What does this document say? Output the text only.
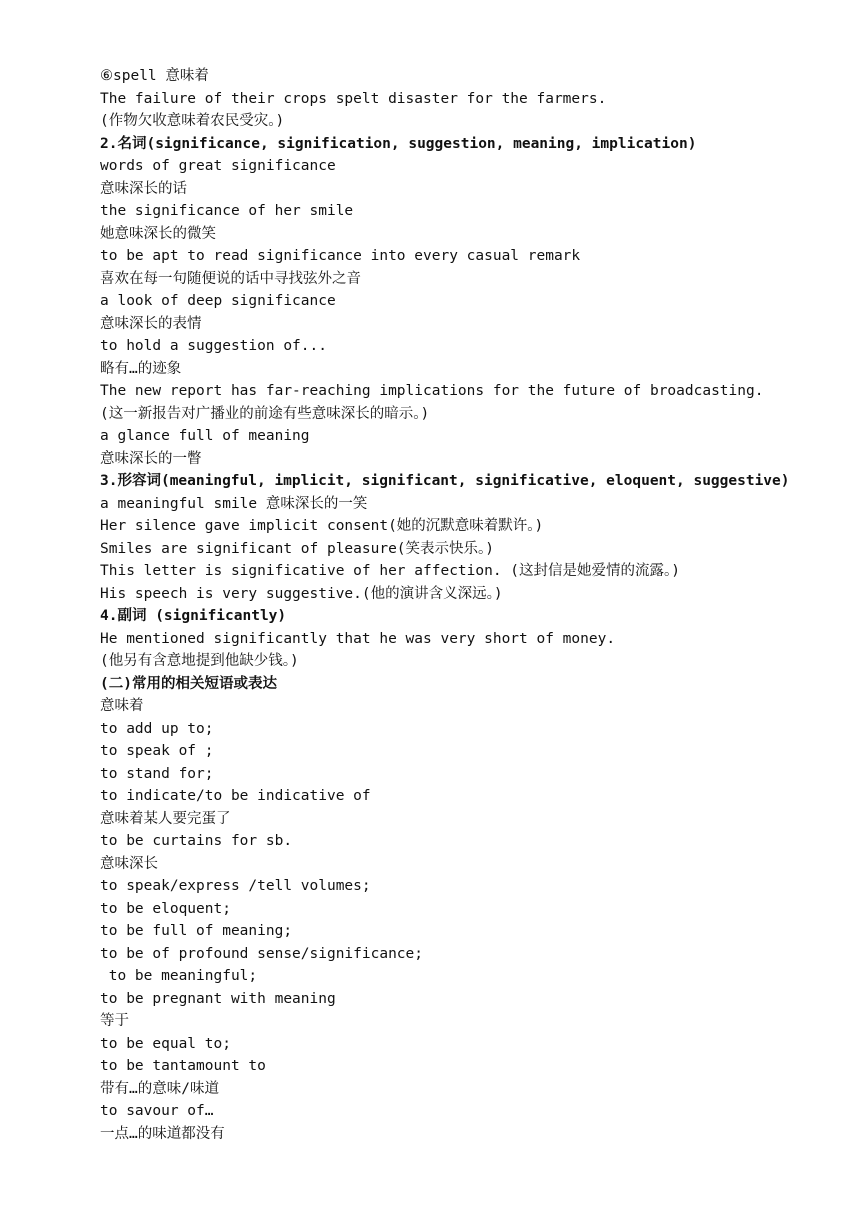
⑥spell 意味着
The failure of their crops spelt disaster for the farmers.
(作物欠收意味着农民受灾。)
2.名词(significance, signification, suggestion, meaning, implication)
words of great significance
意味深长的话
the significance of her smile
她意味深长的微笑
to be apt to read significance into every casual remark
喜欢在每一句随便说的话中寻找弦外之音
a look of deep significance
意味深长的表情
to hold a suggestion of...
略有…的迹象
The new report has far-reaching implications for the future of broadcasting.
(这一新报告对广播业的前途有些意味深长的暗示。)
a glance full of meaning
意味深长的一瞥
3.形容词(meaningful, implicit, significant, significative, eloquent, suggestive)
a meaningful smile 意味深长的一笑
Her silence gave implicit consent(她的沉默意味着默许。)
Smiles are significant of pleasure(笑表示快乐。)
This letter is significative of her affection. (这封信是她爱情的流露。)
His speech is very suggestive.(他的演讲含义深远。)
4.副词 (significantly)
He mentioned significantly that he was very short of money.
(他另有含意地提到他缺少钱。)
(二)常用的相关短语或表达
意味着
to add up to;
to speak of ;
to stand for;
to indicate/to be indicative of
意味着某人要完蛋了
to be curtains for sb.
意味深长
to speak/express /tell volumes;
to be eloquent;
to be full of meaning;
to be of profound sense/significance;
to be meaningful;
to be pregnant with meaning
等于
to be equal to;
to be tantamount to
带有…的意味/味道
to savour of…
一点…的味道都没有
